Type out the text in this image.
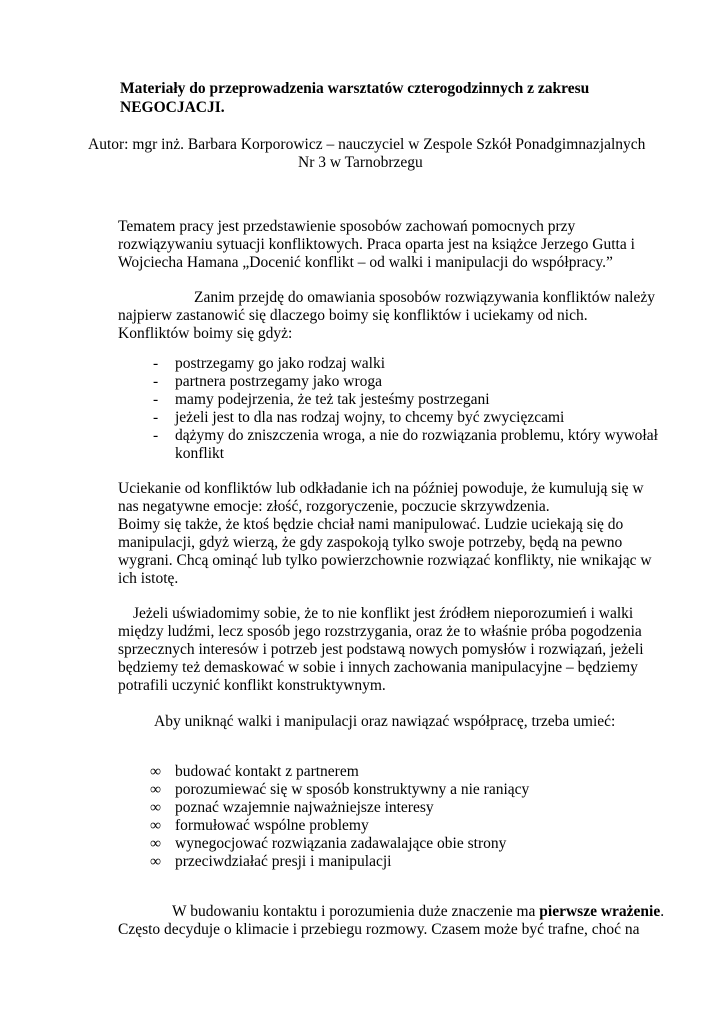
Materiały do przeprowadzenia warsztatów czterogodzinnych z zakresu
NEGOCJACJI.
Autor: mgr inż. Barbara Korporowicz – nauczyciel w Zespole Szkół Ponadgimnazjalnych
Nr 3 w Tarnobrzegu
Tematem pracy jest przedstawienie sposobów zachowań pomocnych przy
rozwiązywaniu sytuacji konfliktowych. Praca oparta jest na książce Jerzego Gutta i
Wojciecha Hamana „Docenić konflikt – od walki i manipulacji do współpracy.”
Zanim przejdę do omawiania sposobów rozwiązywania konfliktów należy
najpierw zastanowić się dlaczego boimy się konfliktów i uciekamy od nich.
Konfliktów boimy się gdyż:
- postrzegamy go jako rodzaj walki
- partnera postrzegamy jako wroga
- mamy podejrzenia, że też tak jesteśmy postrzegani
- jeżeli jest to dla nas rodzaj wojny, to chcemy być zwycięzcami
- dążymy do zniszczenia wroga, a nie do rozwiązania problemu, który wywołał
konflikt
Uciekanie od konfliktów lub odkładanie ich na później powoduje, że kumulują się w
nas negatywne emocje: złość, rozgoryczenie, poczucie skrzywdzenia.
Boimy się także, że ktoś będzie chciał nami manipulować. Ludzie uciekają się do
manipulacji, gdyż wierzą, że gdy zaspokoją tylko swoje potrzeby, będą na pewno
wygrani. Chcą ominąć lub tylko powierzchownie rozwiązać konflikty, nie wnikając w
ich istotę.
Jeżeli uświadomimy sobie, że to nie konflikt jest źródłem nieporozumień i walki
między ludźmi, lecz sposób jego rozstrzygania, oraz że to właśnie próba pogodzenia
sprzecznych interesów i potrzeb jest podstawą nowych pomysłów i rozwiązań, jeżeli
będziemy też demaskować w sobie i innych zachowania manipulacyjne – będziemy
potrafili uczynić konflikt konstruktywnym.
Aby uniknąć walki i manipulacji oraz nawiązać współpracę, trzeba umieć:
∞ budować kontakt z partnerem
∞ porozumiewać się w sposób konstruktywny a nie raniący
∞ poznać wzajemnie najważniejsze interesy
∞ formułować wspólne problemy
∞ wynegocjować rozwiązania zadawalające obie strony
∞ przeciwdziałać presji i manipulacji
W budowaniu kontaktu i porozumienia duże znaczenie ma pierwsze wrażenie.
Często decyduje o klimacie i przebiegu rozmowy. Czasem może być trafne, choć na
